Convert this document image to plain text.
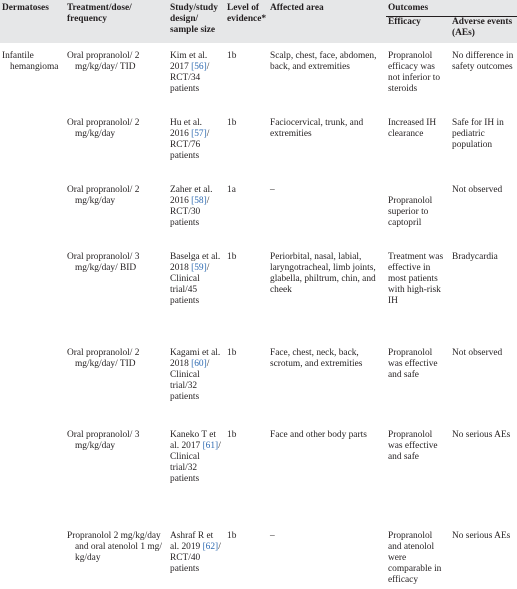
Dermatoses	Treatment/dose/ frequency	Study/study design/ sample size	Level of evidence*	Affected area	Outcomes	
					Efficacy	Adverse events (AEs)
Infantile hemangioma	Oral propranolol/ 2 mg/kg/day/ TID	Kim et al. 2017 [56]/ RCT/34 patients	1b	Scalp, chest, face, abdomen, back, and extremities	Propranolol efficacy was not inferior to steroids	No difference in safety outcomes
	Oral propranolol/ 2 mg/kg/day	Hu et al. 2016 [57]/ RCT/76 patients	1b	Faciocervical, trunk, and extremities	Increased IH clearance	Safe for IH in pediatric population
	Oral propranolol/ 2 mg/kg/day	Zaher et al. 2016 [58]/ RCT/30 patients	1a	–	Propranolol superior to captopril	Not observed
	Oral propranolol/ 3 mg/kg/day/ BID	Baselga et al. 2018 [59]/ Clinical trial/45 patients	1b	Periorbital, nasal, labial, laryngotracheal, limb joints, glabella, philtrum, chin, and cheek	Treatment was effective in most patients with high-risk IH	Bradycardia
	Oral propranolol/ 2 mg/kg/day/ TID	Kagami et al. 2018 [60]/ Clinical trial/32 patients	1b	Face, chest, neck, back, scrotum, and extremities	Propranolol was effective and safe	Not observed
	Oral propranolol/ 3 mg/kg/day	Kaneko T et al. 2017 [61]/ Clinical trial/32 patients	1b	Face and other body parts	Propranolol was effective and safe	No serious AEs
	Propranolol 2 mg/kg/day and oral atenolol 1 mg/ kg/day	Ashraf R et al. 2019 [62]/ RCT/40 patients	1b	–	Propranolol and atenolol were comparable in efficacy	No serious AEs
